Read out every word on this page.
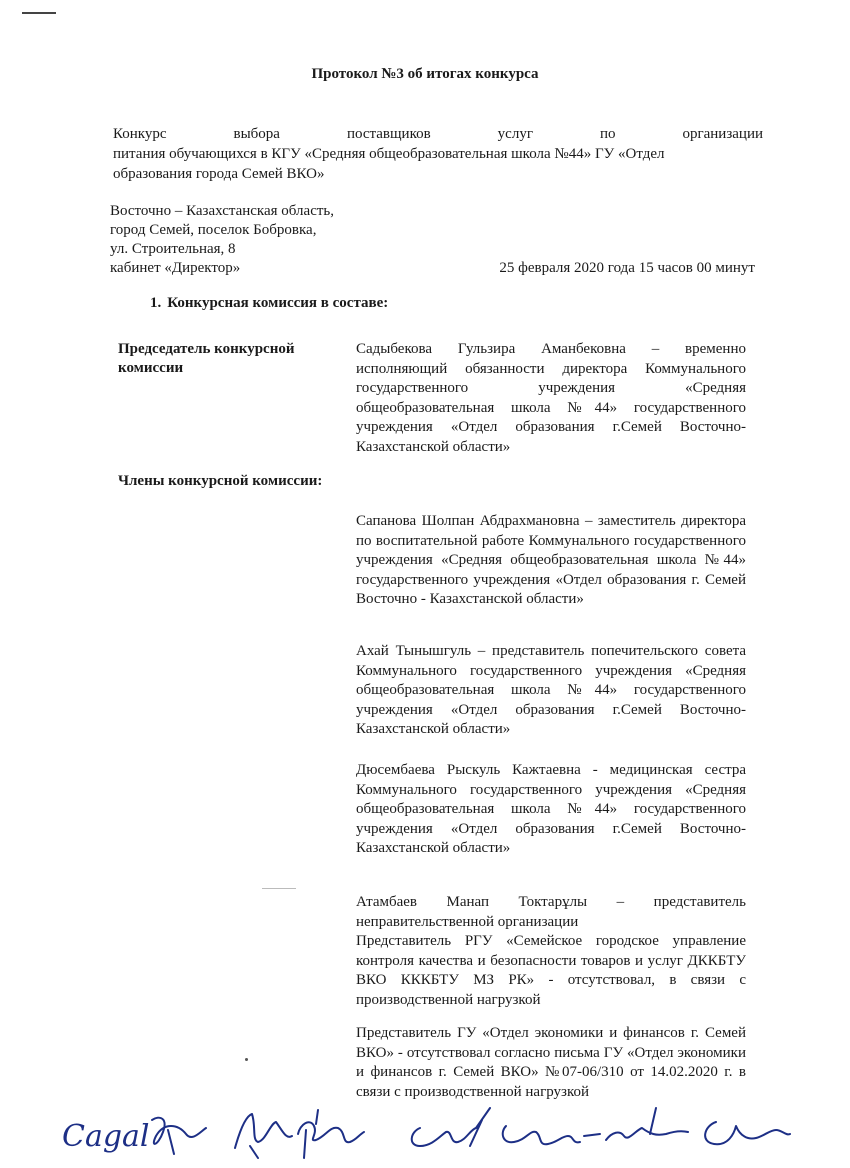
Протокол №3 об итогах конкурса
Конкурс	выбора	поставщиков	услуг	по	организации
питания обучающихся в КГУ «Средняя общеобразовательная школа №44» ГУ «Отдел
образования города Семей ВКО»
Восточно – Казахстанская область,
город Семей, поселок Бобровка,
ул. Строительная, 8
кабинет «Директор»	25 февраля 2020 года 15 часов 00 минут
1. Конкурсная комиссия в составе:
Председатель конкурсной комиссии
Садыбекова Гульзира Аманбековна – временно исполняющий обязанности директора Коммунального государственного учреждения «Средняя общеобразовательная школа №44» государственного учреждения «Отдел образования г.Семей Восточно-Казахстанской области»
Члены конкурсной комиссии:
Сапанова Шолпан Абдрахмановна – заместитель директора по воспитательной работе Коммунального государственного учреждения «Средняя общеобразовательная школа №44» государственного учреждения «Отдел образования г. Семей Восточно - Казахстанской области»
Ахай Тынышгуль – представитель попечительского совета Коммунального государственного учреждения «Средняя общеобразовательная школа №44» государственного учреждения «Отдел образования г.Семей Восточно-Казахстанской области»
Дюсембаева Рыскуль Кажтаевна - медицинская сестра Коммунального государственного учреждения «Средняя общеобразовательная школа №44» государственного учреждения «Отдел образования г.Семей Восточно-Казахстанской области»
Атамбаев Манап Токтарұлы – представитель неправительственной организации
Представитель РГУ «Семейское городское управление контроля качества и безопасности товаров и услуг ДККБТУ ВКО КККБТУ МЗ РК» - отсутствовал, в связи с производственной нагрузкой
Представитель ГУ «Отдел экономики и финансов г. Семей ВКО» - отсутствовал согласно письма ГУ «Отдел экономики и финансов г. Семей ВКО» №07-06/310 от 14.02.2020 г. в связи с производственной нагрузкой
Cagal
